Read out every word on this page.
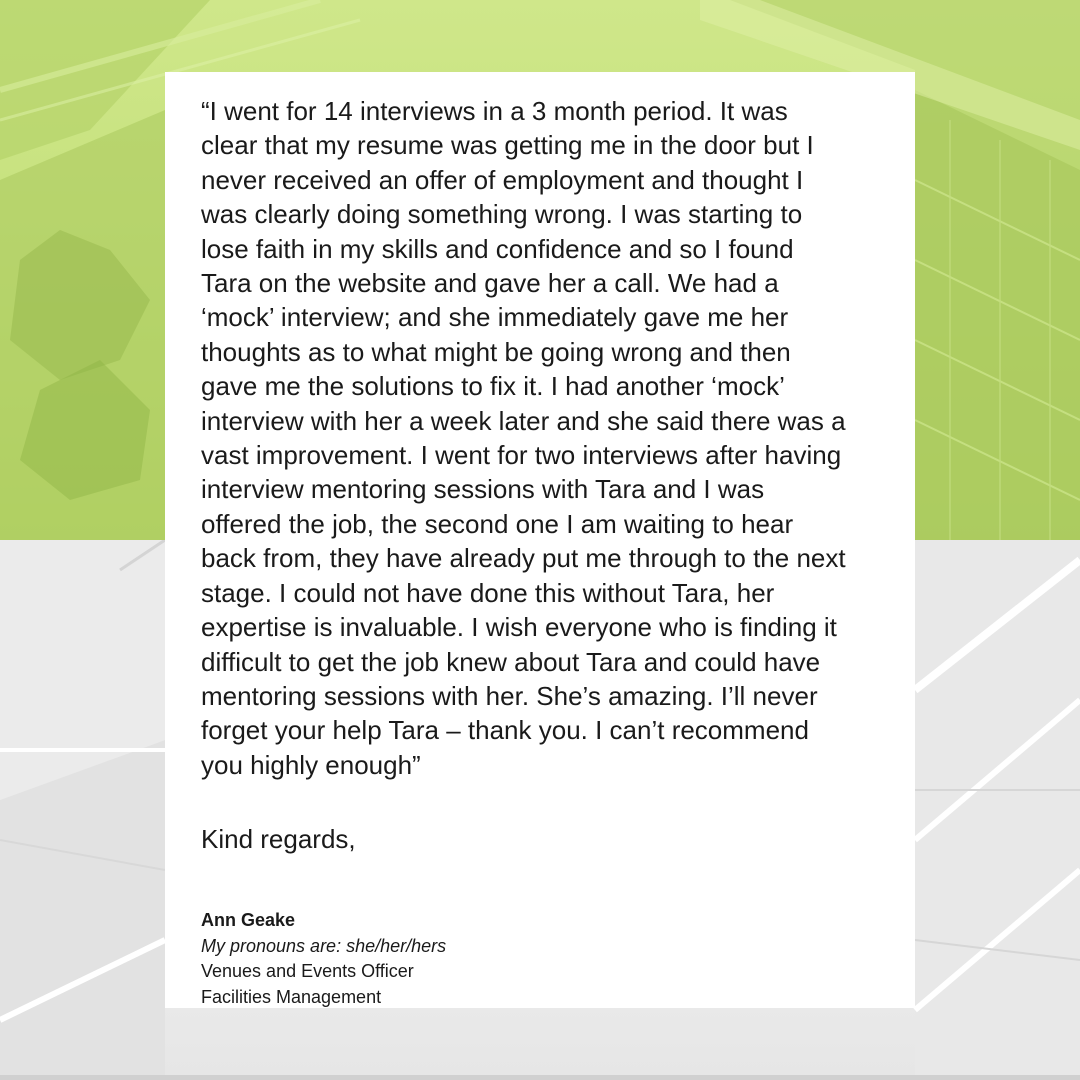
“I went for 14 interviews in a 3 month period. It was
clear that my resume was getting me in the door but I
never received an offer of employment and thought I
was clearly doing something wrong. I was starting to
lose faith in my skills and confidence and so I found
Tara on the website and gave her a call. We had a
‘mock’ interview; and she immediately gave me her
thoughts as to what might be going wrong and then
gave me the solutions to fix it. I had another ‘mock’
interview with her a week later and she said there was a
vast improvement. I went for two interviews after having
interview mentoring sessions with Tara and I was
offered the job, the second one I am waiting to hear
back from, they have already put me through to the next
stage. I could not have done this without Tara, her
expertise is invaluable. I wish everyone who is finding it
difficult to get the job knew about Tara and could have
mentoring sessions with her. She’s amazing. I’ll never
forget your help Tara – thank you. I can’t recommend
you highly enough”

Kind regards,

Ann Geake
My pronouns are: she/her/hers
Venues and Events Officer
Facilities Management
